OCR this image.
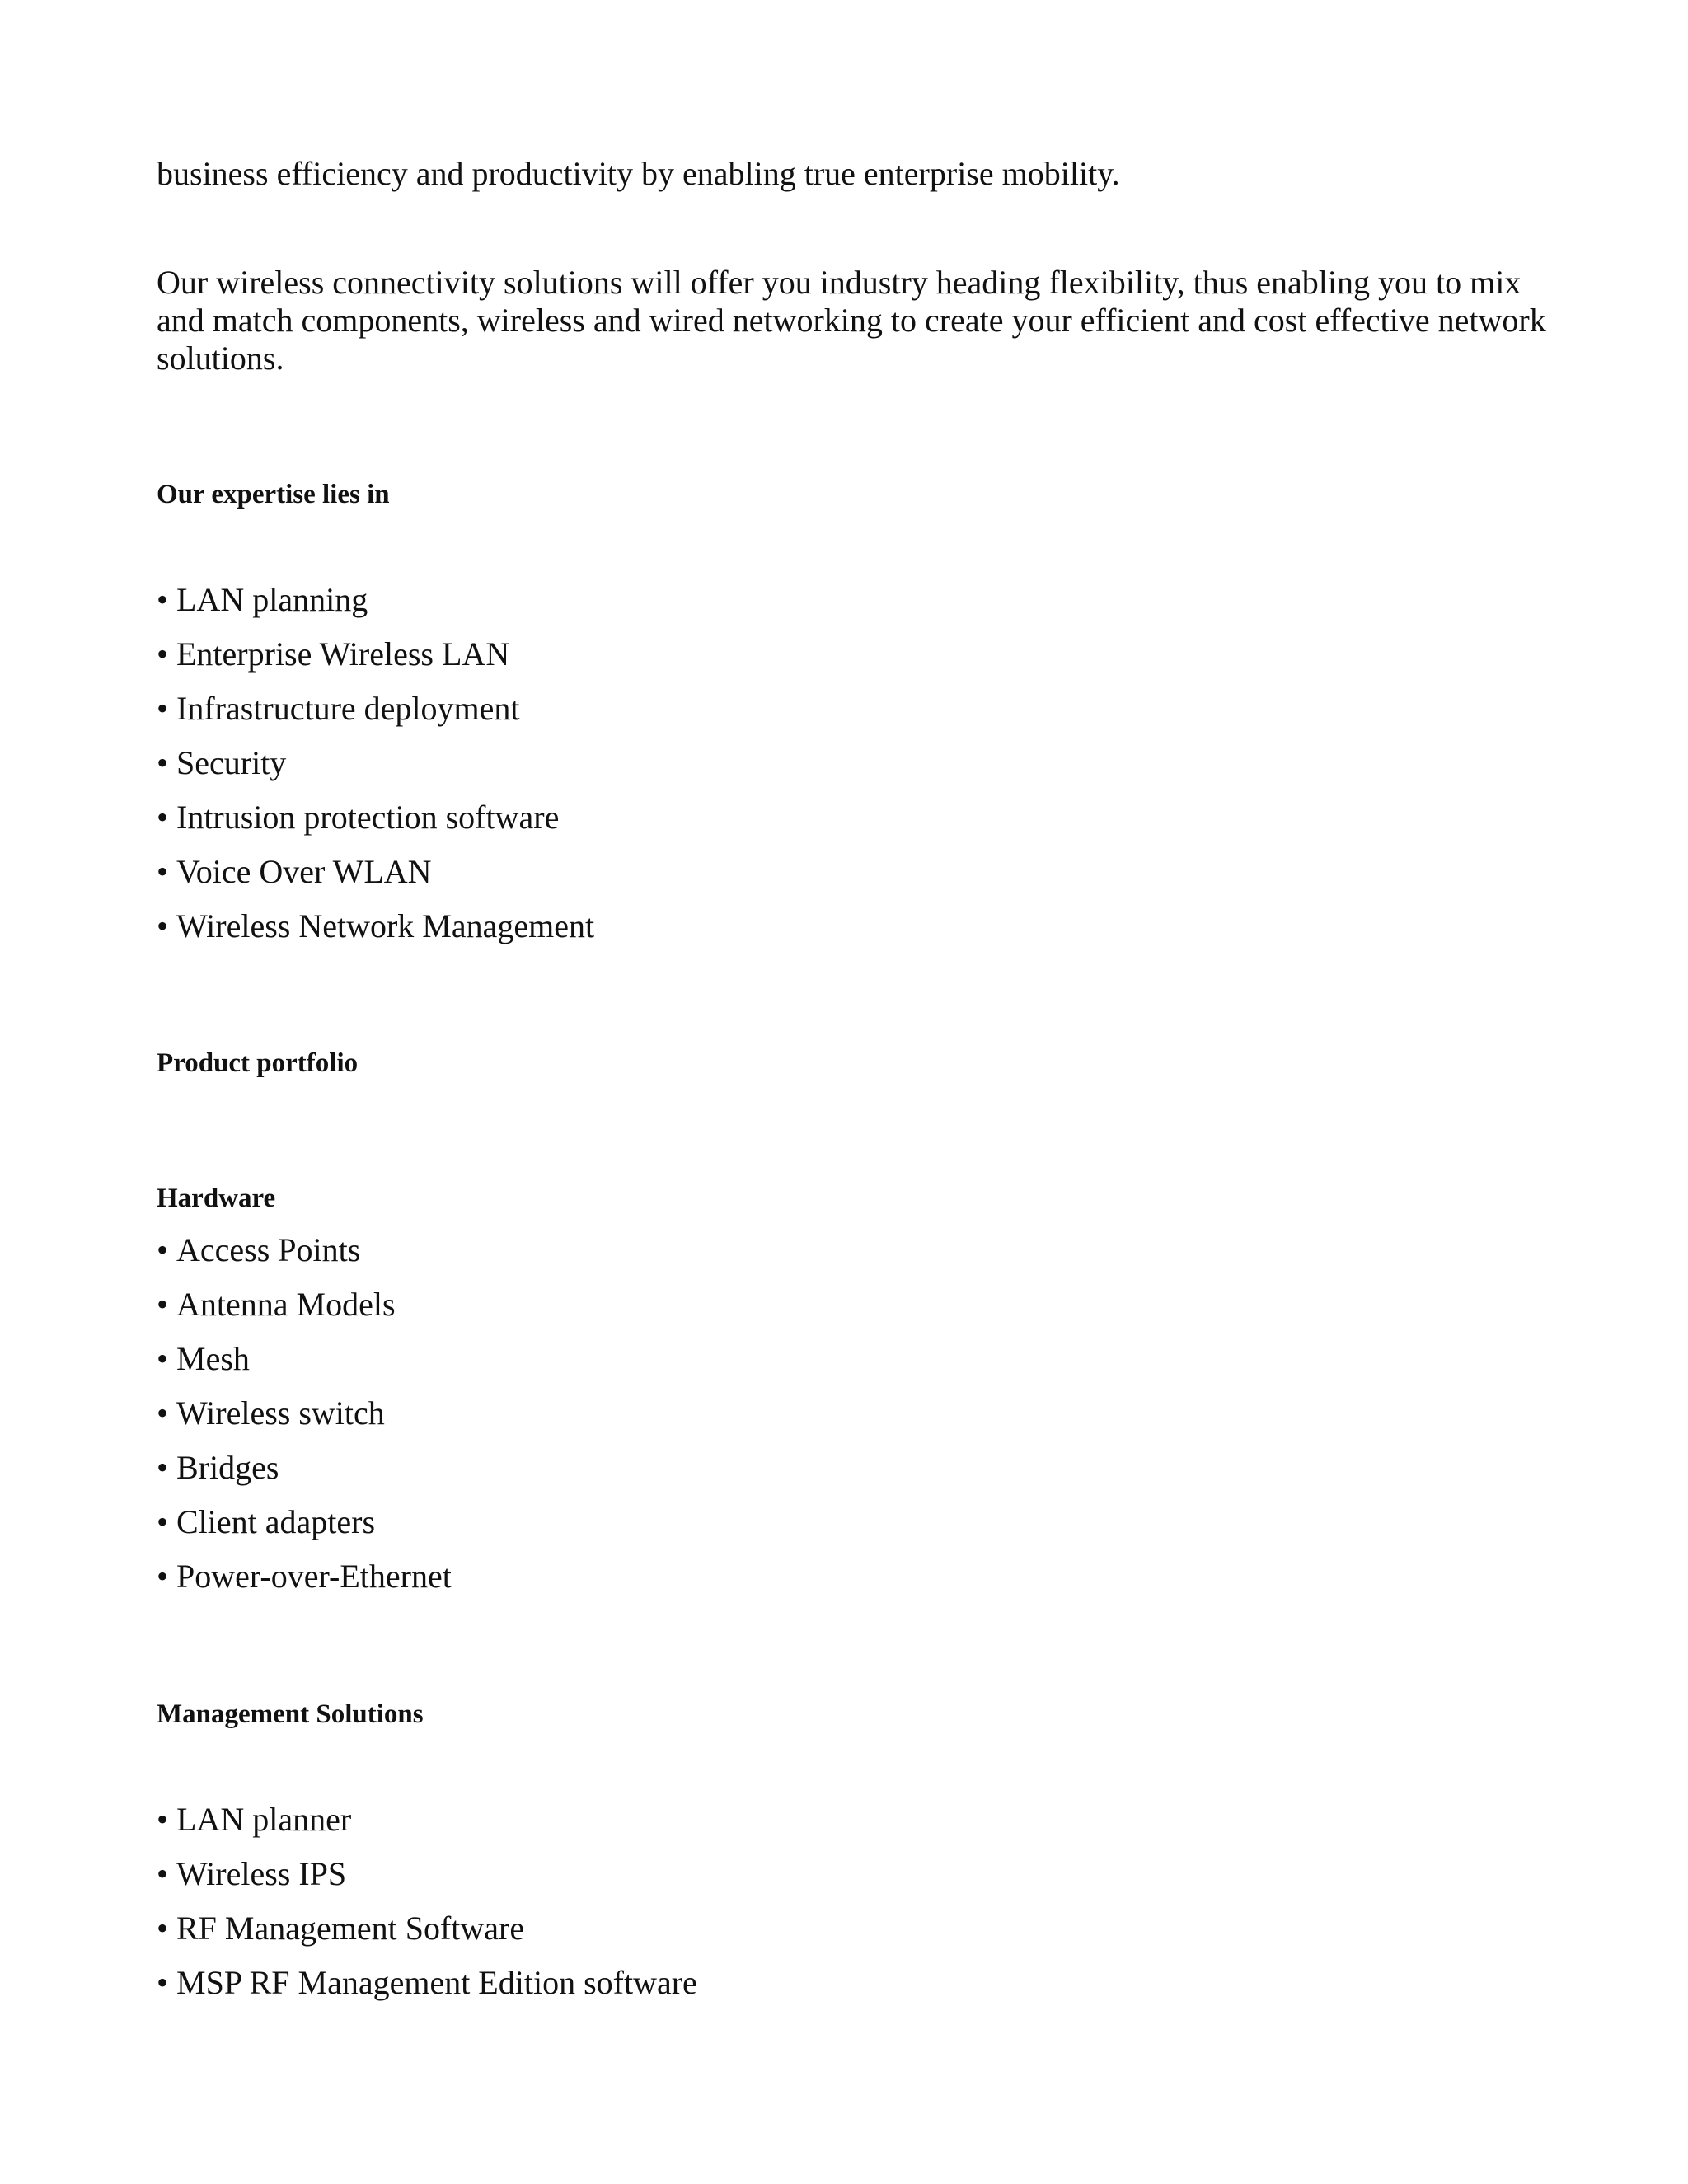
business efficiency and productivity by enabling true enterprise mobility.

Our wireless connectivity solutions will offer you industry heading flexibility, thus enabling you to mix and match components, wireless and wired networking to create your efficient and cost effective network solutions.

Our expertise lies in

• LAN planning
• Enterprise Wireless LAN
• Infrastructure deployment
• Security
• Intrusion protection software
• Voice Over WLAN
• Wireless Network Management

Product portfolio

Hardware

• Access Points
• Antenna Models
• Mesh
• Wireless switch
• Bridges
• Client adapters
• Power-over-Ethernet

Management Solutions

• LAN planner
• Wireless IPS
• RF Management Software
• MSP RF Management Edition software
